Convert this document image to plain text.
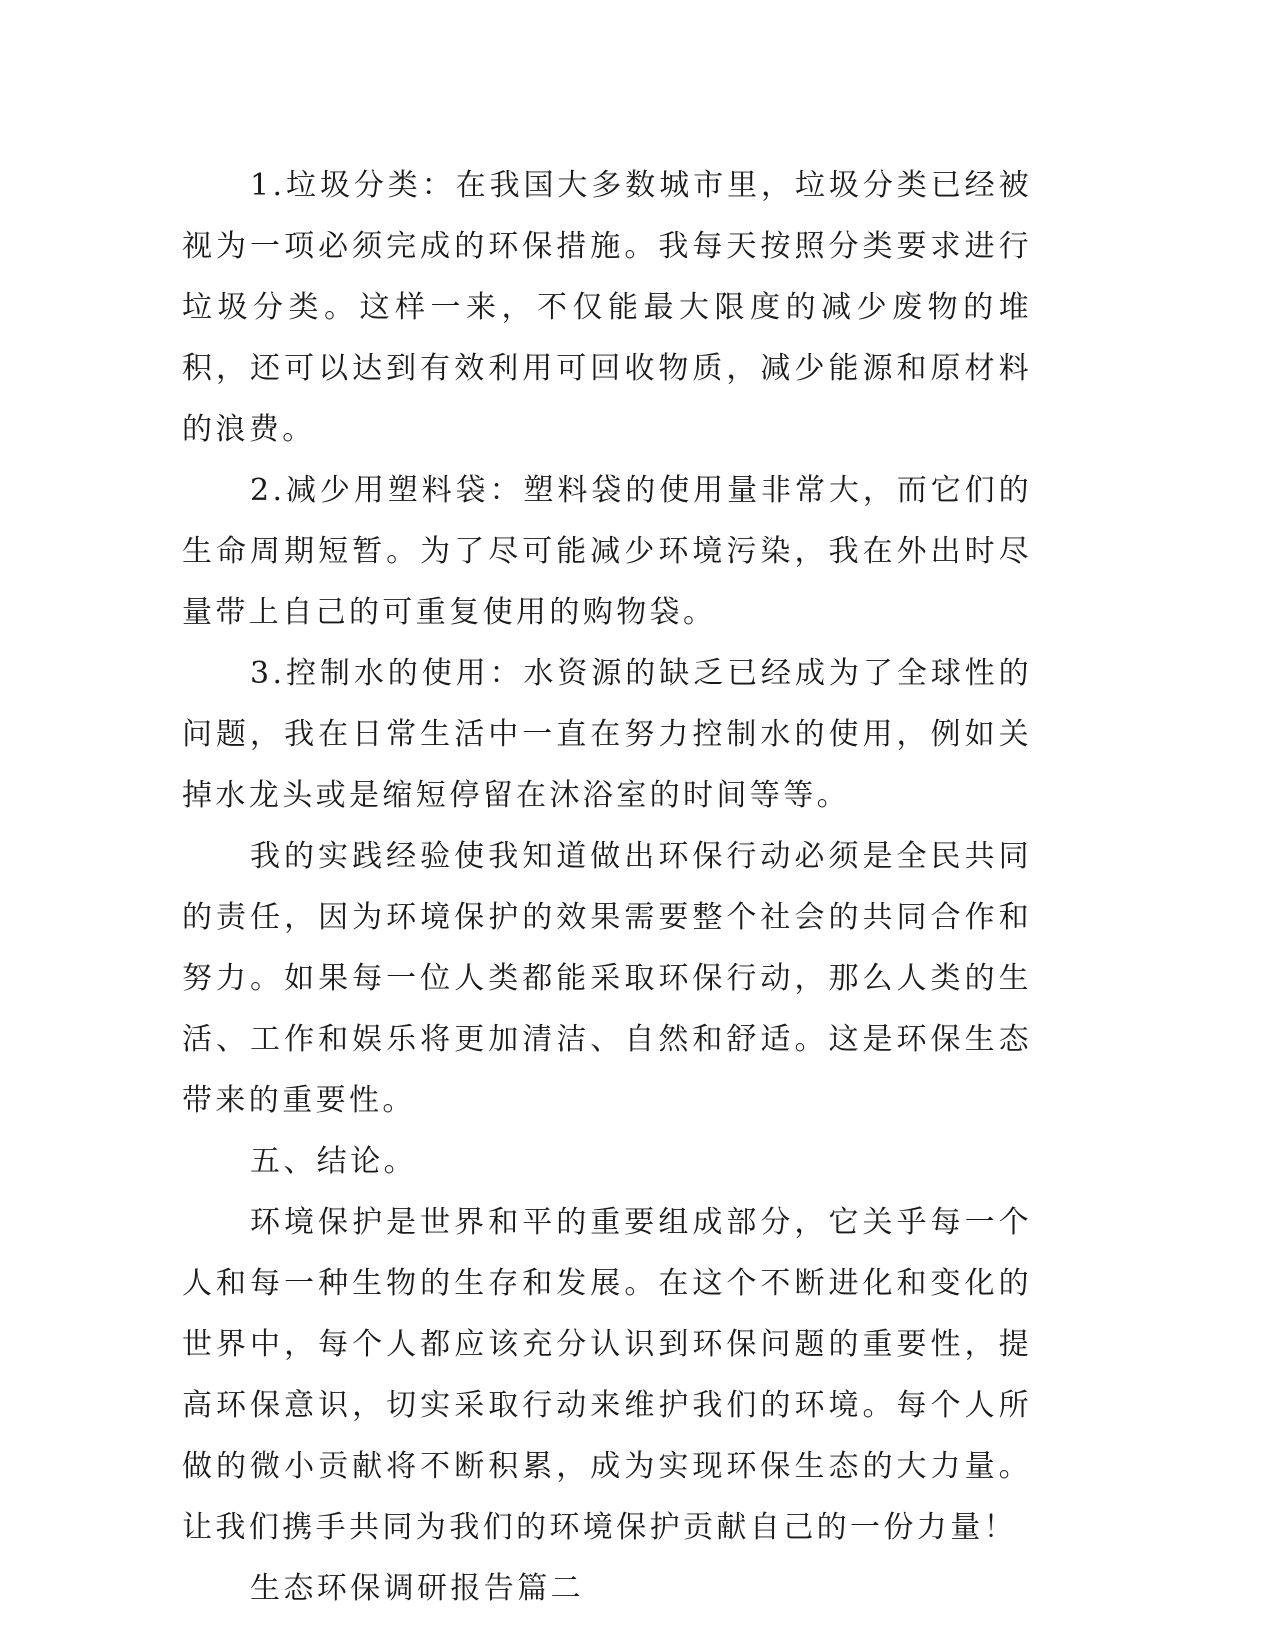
1.垃圾分类：在我国大多数城市里，垃圾分类已经被视为一项必须完成的环保措施。我每天按照分类要求进行垃圾分类。这样一来，不仅能最大限度的减少废物的堆积，还可以达到有效利用可回收物质，减少能源和原材料的浪费。

2.减少用塑料袋：塑料袋的使用量非常大，而它们的生命周期短暂。为了尽可能减少环境污染，我在外出时尽量带上自己的可重复使用的购物袋。

3.控制水的使用：水资源的缺乏已经成为了全球性的问题，我在日常生活中一直在努力控制水的使用，例如关掉水龙头或是缩短停留在沐浴室的时间等等。

我的实践经验使我知道做出环保行动必须是全民共同的责任，因为环境保护的效果需要整个社会的共同合作和努力。如果每一位人类都能采取环保行动，那么人类的生活、工作和娱乐将更加清洁、自然和舒适。这是环保生态带来的重要性。

五、结论。

环境保护是世界和平的重要组成部分，它关乎每一个人和每一种生物的生存和发展。在这个不断进化和变化的世界中，每个人都应该充分认识到环保问题的重要性，提高环保意识，切实采取行动来维护我们的环境。每个人所做的微小贡献将不断积累，成为实现环保生态的大力量。让我们携手共同为我们的环境保护贡献自己的一份力量！

生态环保调研报告篇二
